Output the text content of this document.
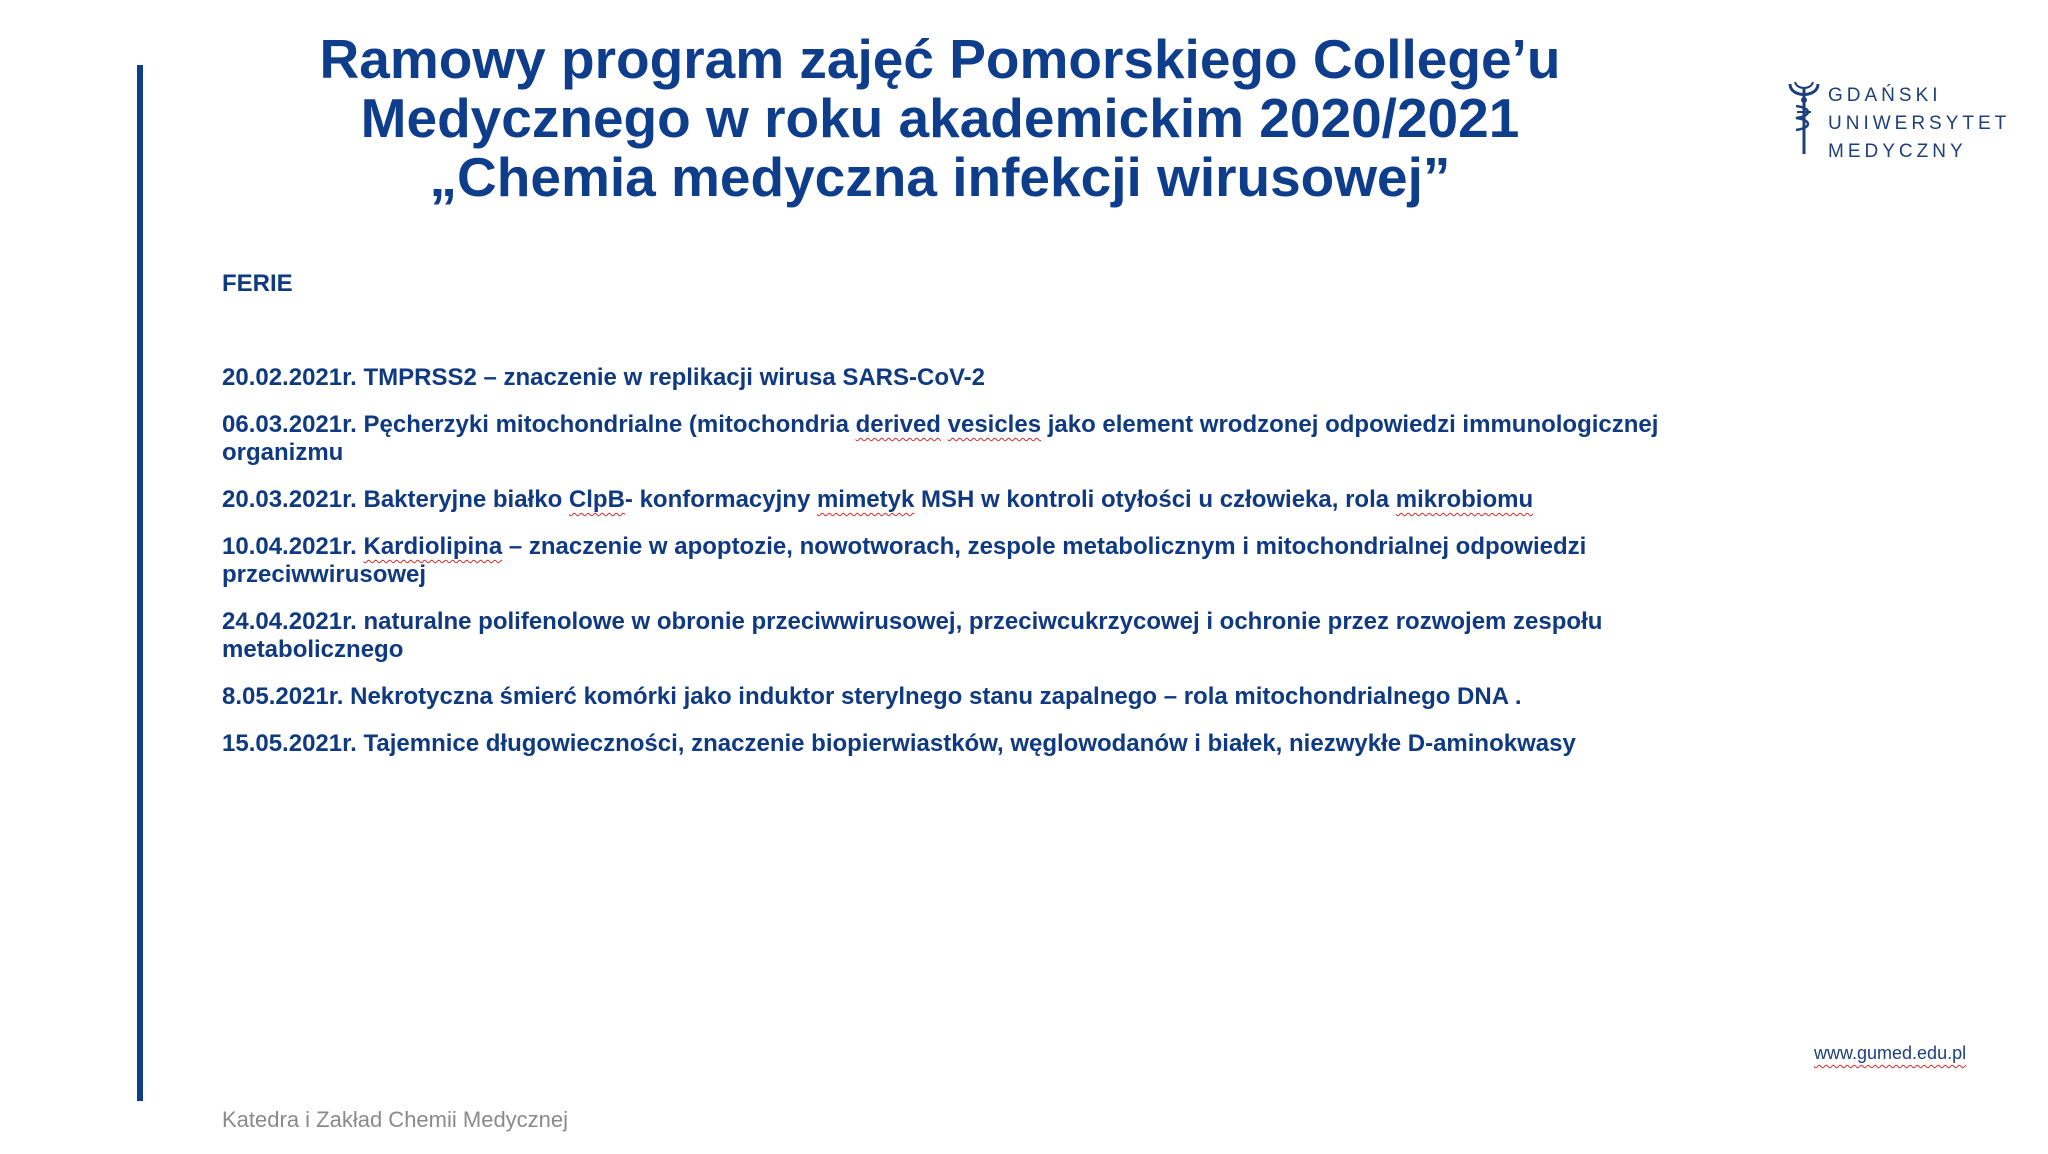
Ramowy program zajęć Pomorskiego College’u
Medycznego w roku akademickim 2020/2021
„Chemia medyczna infekcji wirusowej”
GDAŃSKI
UNIWERSYTET
MEDYCZNY
FERIE
20.02.2021r. TMPRSS2 – znaczenie w replikacji wirusa SARS-CoV-2
06.03.2021r. Pęcherzyki mitochondrialne (mitochondria derived vesicles jako element wrodzonej odpowiedzi immunologicznej organizmu
20.03.2021r. Bakteryjne białko ClpB- konformacyjny mimetyk MSH w kontroli otyłości u człowieka, rola mikrobiomu
10.04.2021r. Kardiolipina – znaczenie w apoptozie, nowotworach, zespole metabolicznym i mitochondrialnej odpowiedzi przeciwwirusowej
24.04.2021r. naturalne polifenolowe w obronie przeciwwirusowej, przeciwcukrzycowej i ochronie przez rozwojem zespołu metabolicznego
8.05.2021r. Nekrotyczna śmierć komórki jako induktor sterylnego stanu zapalnego – rola mitochondrialnego DNA .
15.05.2021r. Tajemnice długowieczności, znaczenie biopierwiastków, węglowodanów i białek, niezwykłe D-aminokwasy
www.gumed.edu.pl
Katedra i Zakład Chemii Medycznej
